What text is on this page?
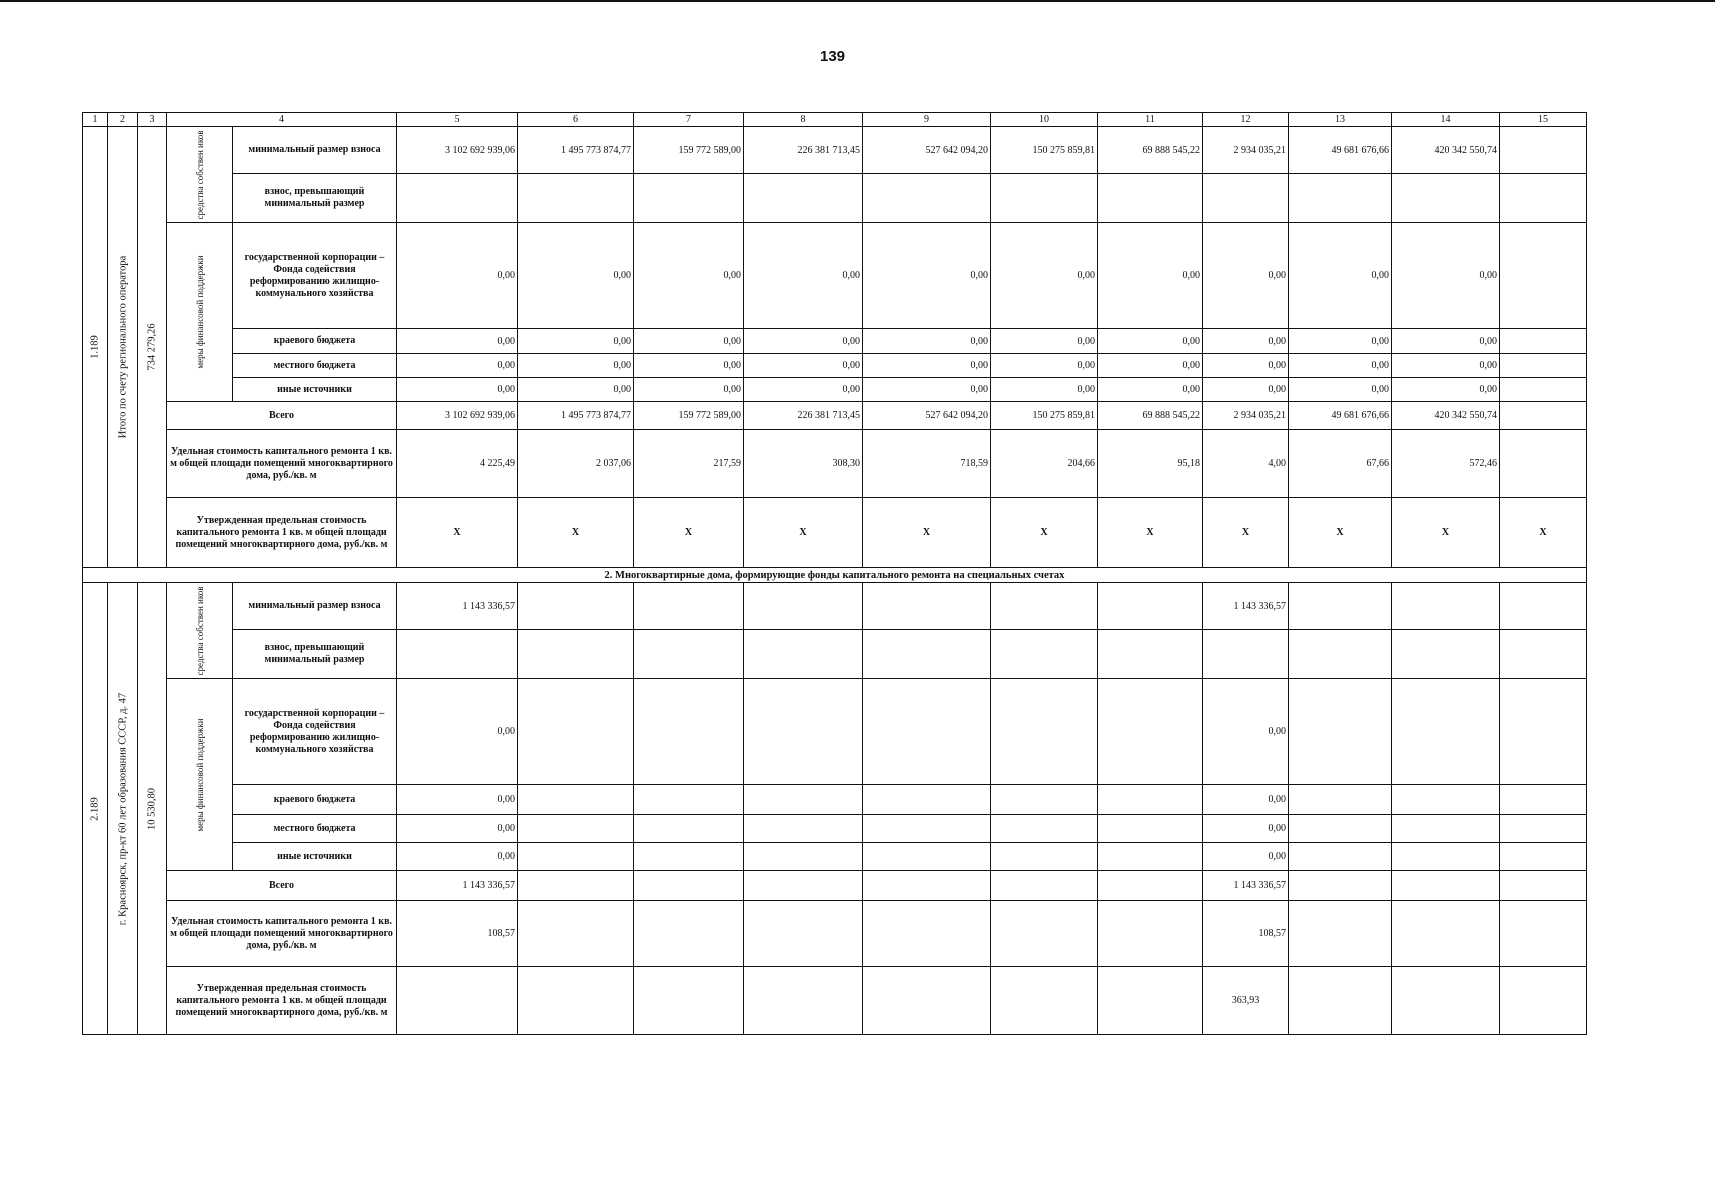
139
1	2	3	4		5	6	7	8	9	10	11	12	13	14	15

1.189	Итого по счету регионального оператора	734 279,26	средства собствен иков	минимальный размер взноса	3 102 692 939,06	1 495 773 874,77	159 772 589,00	226 381 713,45	527 642 094,20	150 275 859,81	69 888 545,22	2 934 035,21	49 681 676,66	420 342 550,74	
				взнос, превышающий минимальный размер											

			меры финансовой поддержки	государственной корпорации – Фонда содействия реформированию жилищно-коммунального хозяйства	0,00	0,00	0,00	0,00	0,00	0,00	0,00	0,00	0,00	0,00	
				краевого бюджета	0,00	0,00	0,00	0,00	0,00	0,00	0,00	0,00	0,00	0,00	
				местного бюджета	0,00	0,00	0,00	0,00	0,00	0,00	0,00	0,00	0,00	0,00	
				иные источники	0,00	0,00	0,00	0,00	0,00	0,00	0,00	0,00	0,00	0,00	
			Всего		3 102 692 939,06	1 495 773 874,77	159 772 589,00	226 381 713,45	527 642 094,20	150 275 859,81	69 888 545,22	2 934 035,21	49 681 676,66	420 342 550,74	
			Удельная стоимость капитального ремонта 1 кв. м общей площади помещений многоквартирного дома, руб./кв. м		4 225,49	2 037,06	217,59	308,30	718,59	204,66	95,18	4,00	67,66	572,46	
			Утвержденная предельная стоимость капитального ремонта 1 кв. м общей площади помещений многоквартирного дома, руб./кв. м		X	X	X	X	X	X	X	X	X	X	X
2. Многоквартирные дома, формирующие фонды капитального ремонта на специальных счетах															

2.189	г. Красноярск, пр-кт 60 лет образования СССР, д. 47	10 530,80	средства собствен иков	минимальный размер взноса	1 143 336,57							1 143 336,57			
				взнос, превышающий минимальный размер											

			меры финансовой поддержки	государственной корпорации – Фонда содействия реформированию жилищно-коммунального хозяйства	0,00							0,00			
				краевого бюджета	0,00							0,00			
				местного бюджета	0,00							0,00			
				иные источники	0,00							0,00			
			Всего		1 143 336,57							1 143 336,57			
			Удельная стоимость капитального ремонта 1 кв. м общей площади помещений многоквартирного дома, руб./кв. м		108,57							108,57			
			Утвержденная предельная стоимость капитального ремонта 1 кв. м общей площади помещений многоквартирного дома, руб./кв. м									363,93			
